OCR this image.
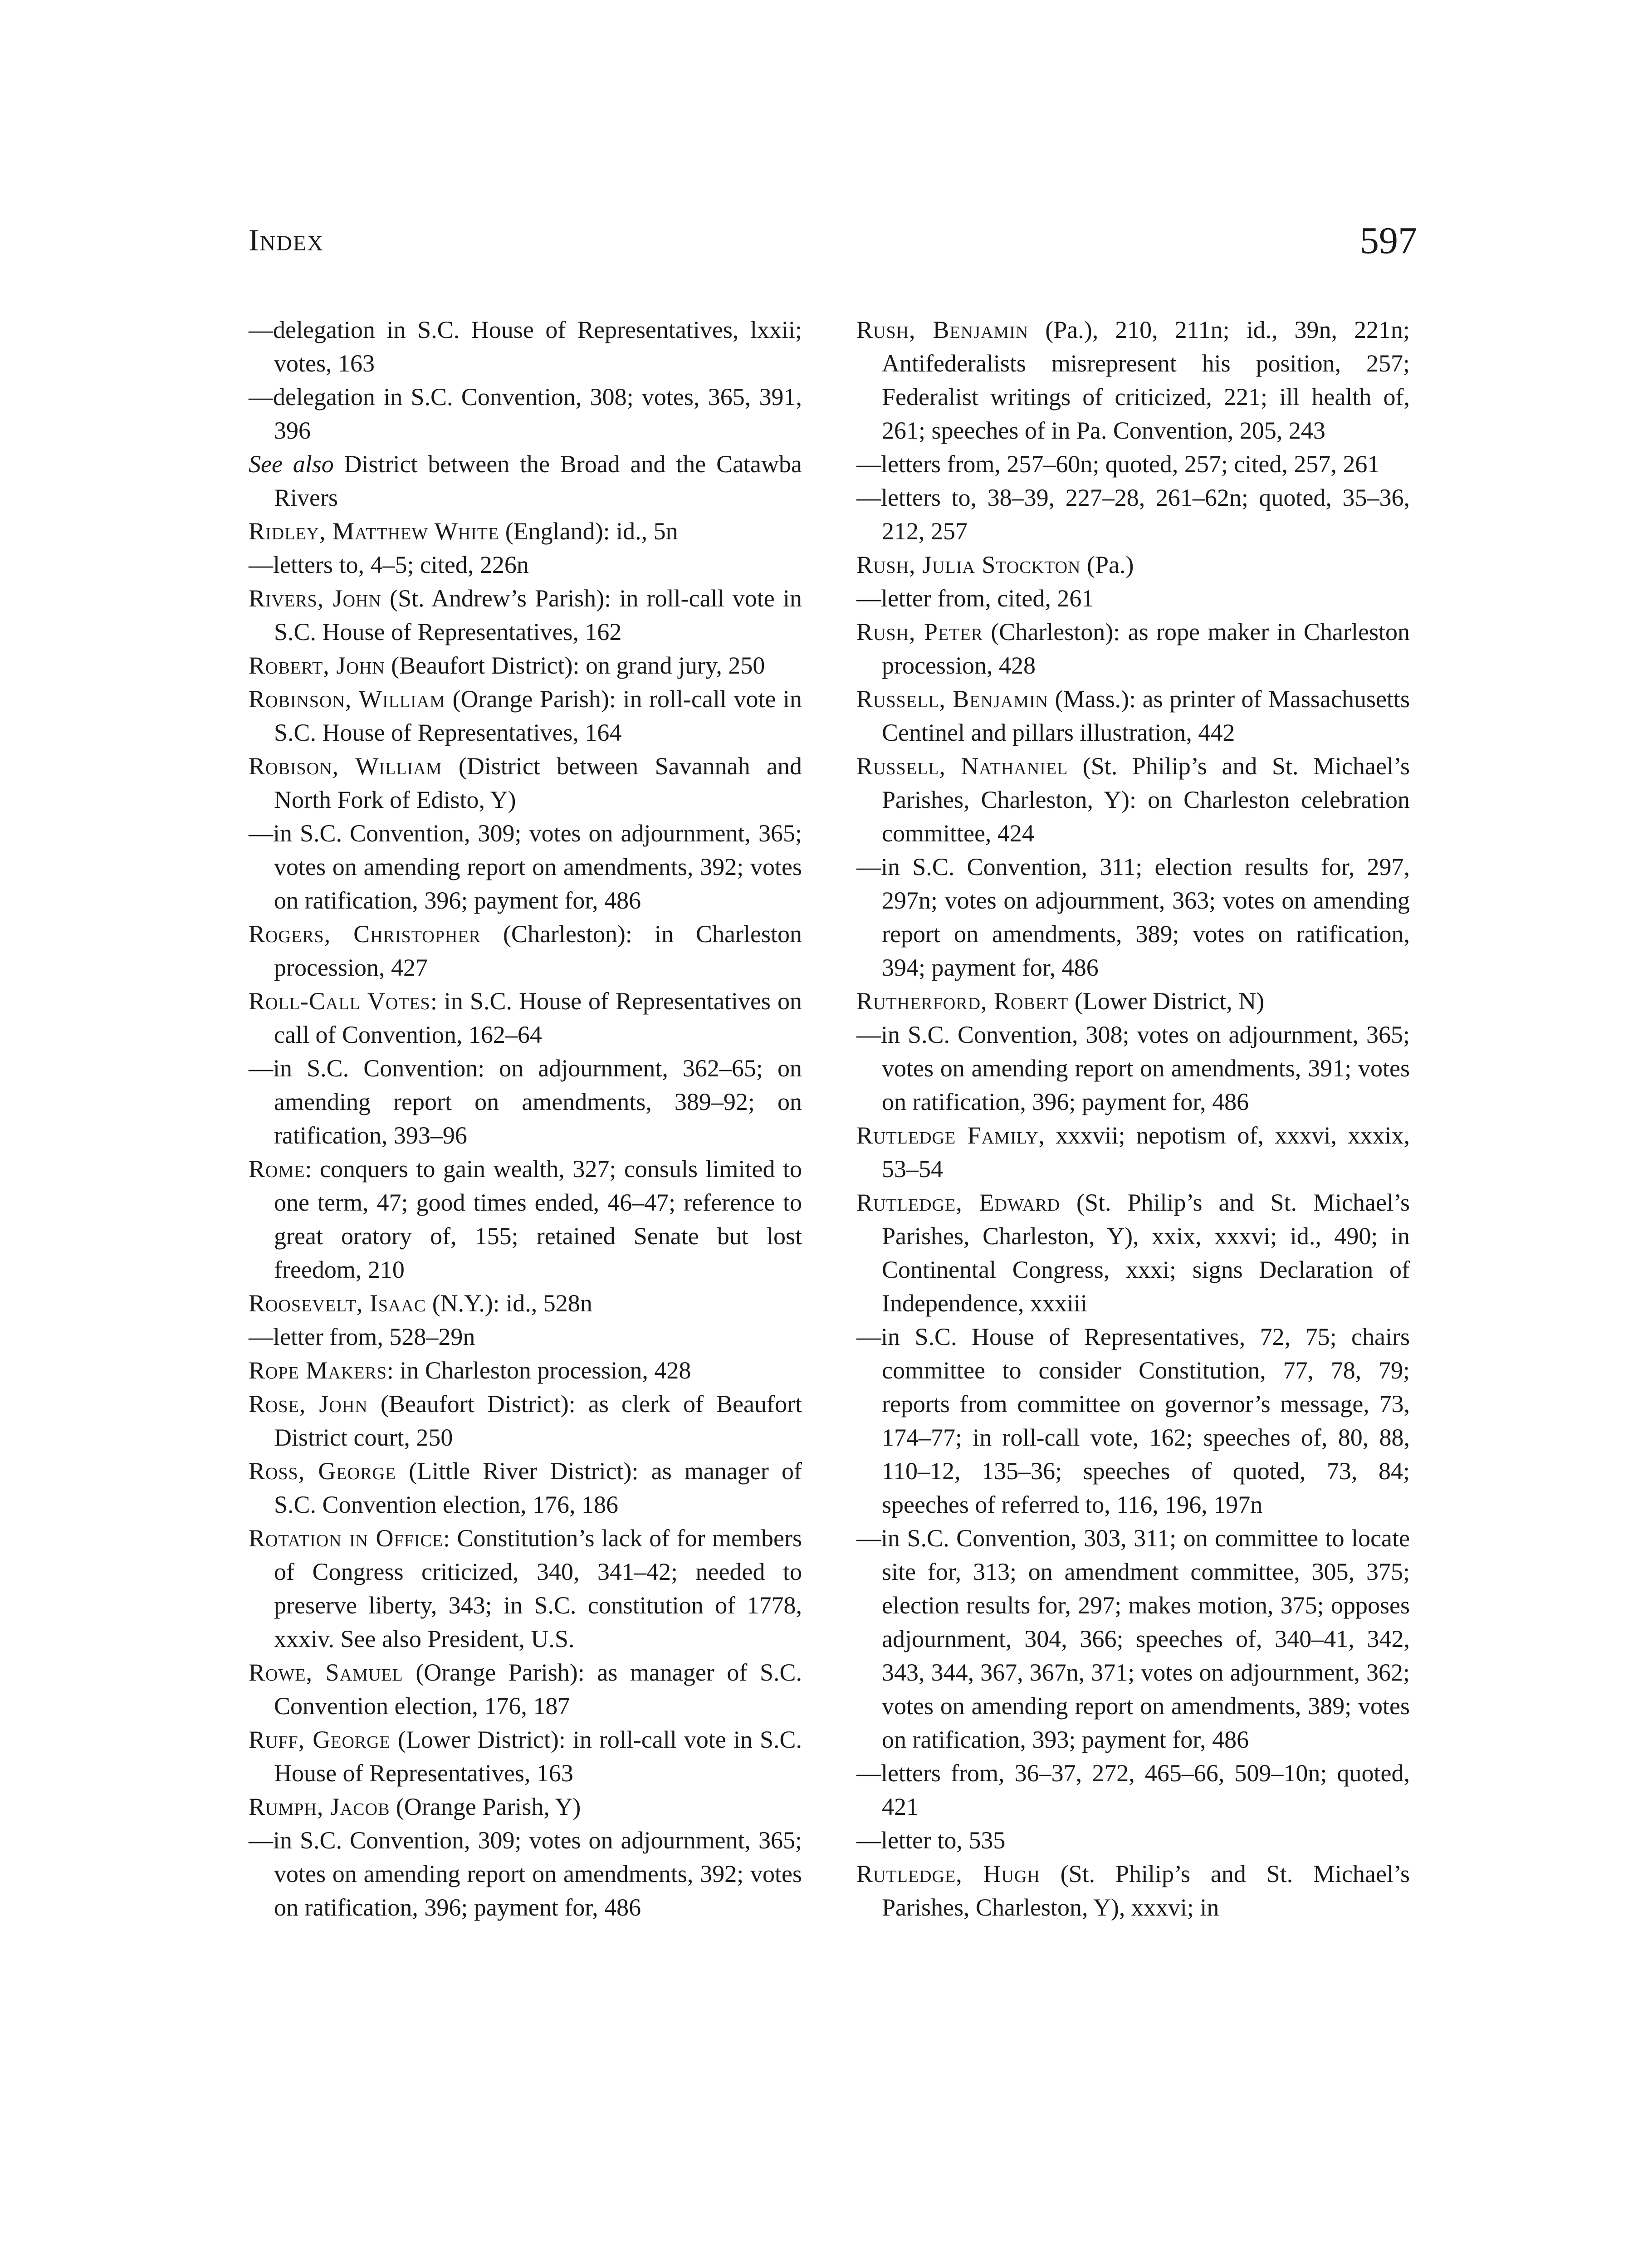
Index	597

—delegation in S.C. House of Representatives, lxxii; votes, 163

—delegation in S.C. Convention, 308; votes, 365, 391, 396

See also District between the Broad and the Catawba Rivers

Ridley, Matthew White (England): id., 5n

—letters to, 4–5; cited, 226n

Rivers, John (St. Andrew’s Parish): in roll-call vote in S.C. House of Representatives, 162

Robert, John (Beaufort District): on grand jury, 250

Robinson, William (Orange Parish): in roll-call vote in S.C. House of Representatives, 164

Robison, William (District between Savannah and North Fork of Edisto, Y)

—in S.C. Convention, 309; votes on adjournment, 365; votes on amending report on amendments, 392; votes on ratification, 396; payment for, 486

Rogers, Christopher (Charleston): in Charleston procession, 427

Roll-Call Votes: in S.C. House of Representatives on call of Convention, 162–64

—in S.C. Convention: on adjournment, 362–65; on amending report on amendments, 389–92; on ratification, 393–96

Rome: conquers to gain wealth, 327; consuls limited to one term, 47; good times ended, 46–47; reference to great oratory of, 155; retained Senate but lost freedom, 210

Roosevelt, Isaac (N.Y.): id., 528n

—letter from, 528–29n

Rope Makers: in Charleston procession, 428

Rose, John (Beaufort District): as clerk of Beaufort District court, 250

Ross, George (Little River District): as manager of S.C. Convention election, 176, 186

Rotation in Office: Constitution’s lack of for members of Congress criticized, 340, 341–42; needed to preserve liberty, 343; in S.C. constitution of 1778, xxxiv. See also President, U.S.

Rowe, Samuel (Orange Parish): as manager of S.C. Convention election, 176, 187

Ruff, George (Lower District): in roll-call vote in S.C. House of Representatives, 163

Rumph, Jacob (Orange Parish, Y)

—in S.C. Convention, 309; votes on adjournment, 365; votes on amending report on amendments, 392; votes on ratification, 396; payment for, 486

Rush, Benjamin (Pa.), 210, 211n; id., 39n, 221n; Antifederalists misrepresent his position, 257; Federalist writings of criticized, 221; ill health of, 261; speeches of in Pa. Convention, 205, 243

—letters from, 257–60n; quoted, 257; cited, 257, 261

—letters to, 38–39, 227–28, 261–62n; quoted, 35–36, 212, 257

Rush, Julia Stockton (Pa.)

—letter from, cited, 261

Rush, Peter (Charleston): as rope maker in Charleston procession, 428

Russell, Benjamin (Mass.): as printer of Massachusetts Centinel and pillars illustration, 442

Russell, Nathaniel (St. Philip’s and St. Michael’s Parishes, Charleston, Y): on Charleston celebration committee, 424

—in S.C. Convention, 311; election results for, 297, 297n; votes on adjournment, 363; votes on amending report on amendments, 389; votes on ratification, 394; payment for, 486

Rutherford, Robert (Lower District, N)

—in S.C. Convention, 308; votes on adjournment, 365; votes on amending report on amendments, 391; votes on ratification, 396; payment for, 486

Rutledge Family, xxxvii; nepotism of, xxxvi, xxxix, 53–54

Rutledge, Edward (St. Philip’s and St. Michael’s Parishes, Charleston, Y), xxix, xxxvi; id., 490; in Continental Congress, xxxi; signs Declaration of Independence, xxxiii

—in S.C. House of Representatives, 72, 75; chairs committee to consider Constitution, 77, 78, 79; reports from committee on governor’s message, 73, 174–77; in roll-call vote, 162; speeches of, 80, 88, 110–12, 135–36; speeches of quoted, 73, 84; speeches of referred to, 116, 196, 197n

—in S.C. Convention, 303, 311; on committee to locate site for, 313; on amendment committee, 305, 375; election results for, 297; makes motion, 375; opposes adjournment, 304, 366; speeches of, 340–41, 342, 343, 344, 367, 367n, 371; votes on adjournment, 362; votes on amending report on amendments, 389; votes on ratification, 393; payment for, 486

—letters from, 36–37, 272, 465–66, 509–10n; quoted, 421

—letter to, 535

Rutledge, Hugh (St. Philip’s and St. Michael’s Parishes, Charleston, Y), xxxvi; in
